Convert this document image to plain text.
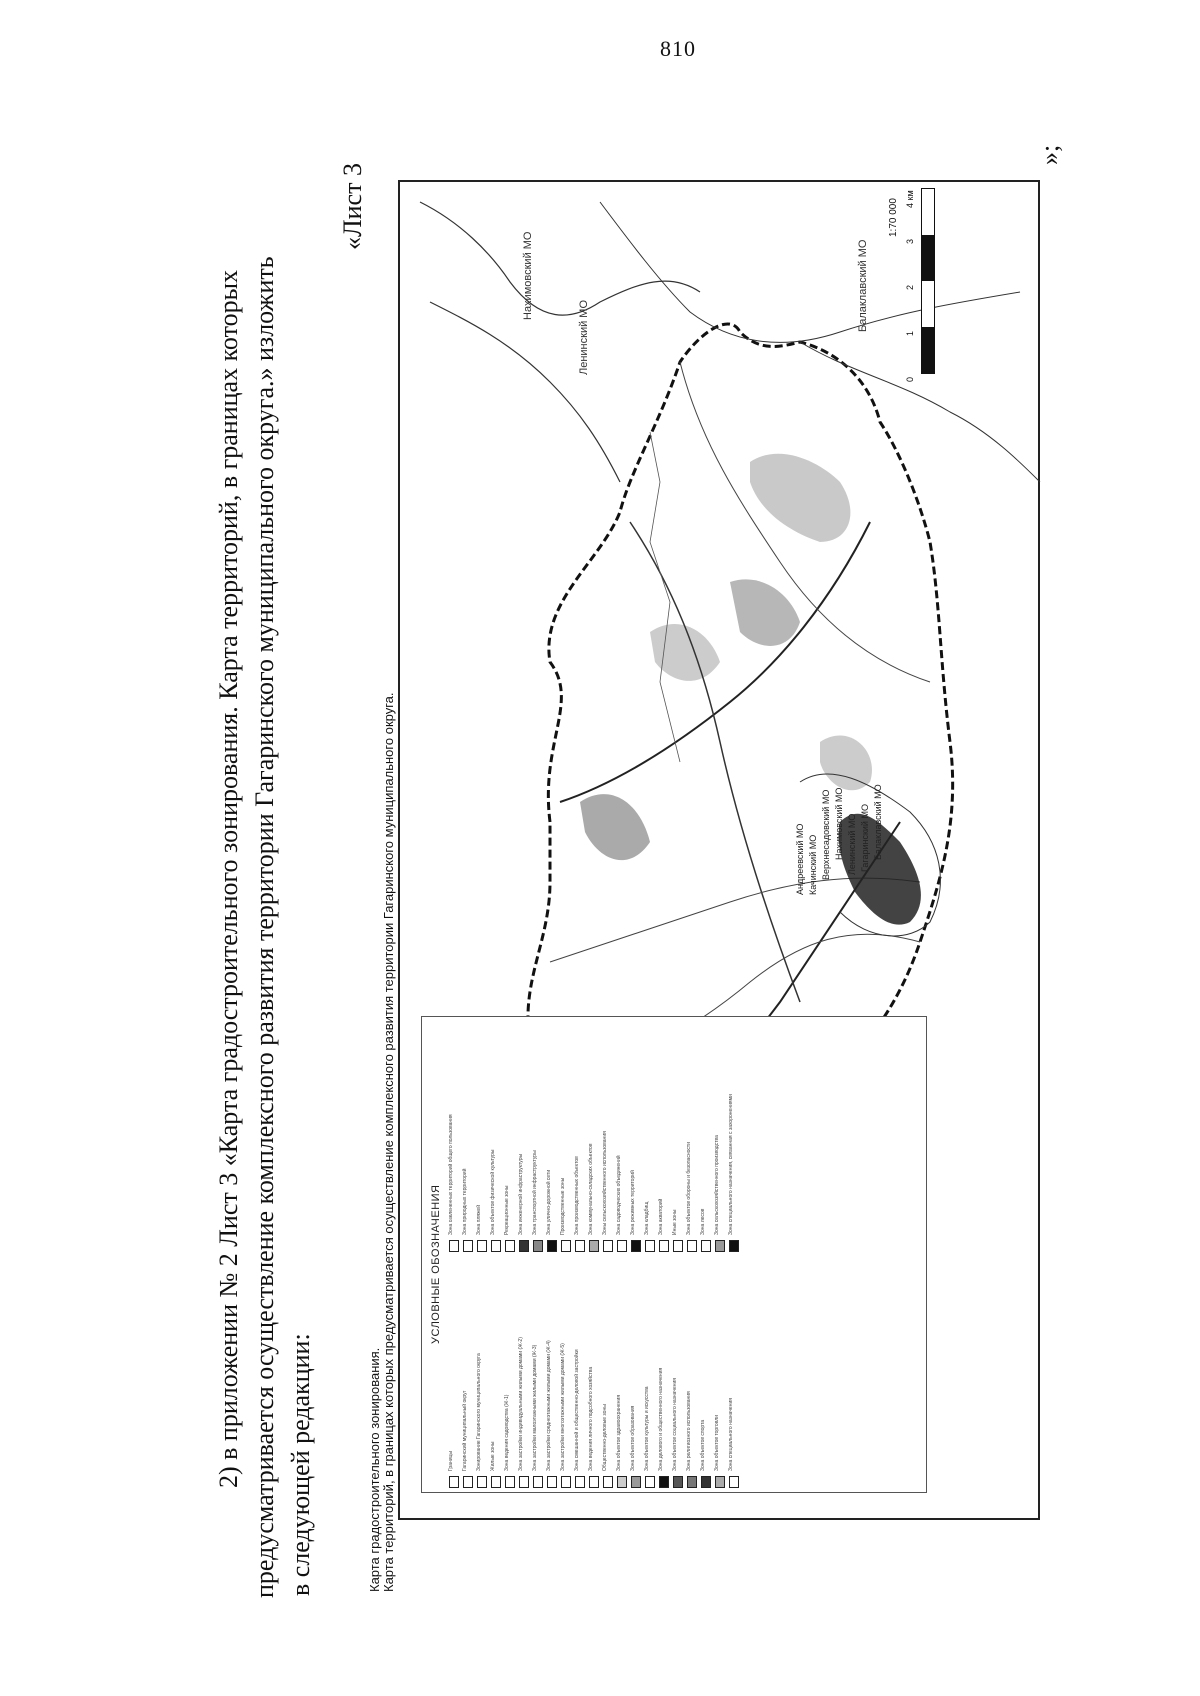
810
2) в приложении № 2 Лист 3 «Карта градостроительного зонирования. Карта территорий, в границах которых предусматривается осуществление комплексного развития территории Гагаринского муниципального округа.» изложить в следующей редакции:
«Лист 3
Карта градостроительного зонирования. Карта территорий, в границах которых предусматривается осуществление комплексного развития территории Гагаринского муниципального округа.
»;
Нахимовский МО
Ленинский МО
Балаклавский МО
Андреевский МО Качинский МО Верхнесадовский МО Нахимовский МО Ленинский МО Гагаринский МО Балаклавский МО
1:70 000
0
1
2
3
4 км
УСЛОВНЫЕ ОБОЗНАЧЕНИЯ
Границы Гагаринский муниципальный округ Зонирование Гагаринского муниципального округа Жилые зоны Зона ведения садоводства (Ж-1) Зона застройки индивидуальными жилыми домами (Ж-2) Зона застройки малоэтажными жилыми домами (Ж-3) Зона застройки среднеэтажными жилыми домами (Ж-4) Зона застройки многоэтажными жилыми домами (Ж-5) Зона смешанной и общественно-деловой застройки Зона ведения личного подсобного хозяйства Общественно-деловые зоны Зона объектов здравоохранения Зона объектов образования Зона объектов культуры и искусства Зона делового и общественного назначения Зона объектов социального назначения Зона религиозного использования Зона объектов спорта Зона объектов торговли Зона специального назначения
Зона озелененных территорий общего пользования Зона природных территорий Зона пляжей Зона объектов физической культуры Рекреационные зоны Зона инженерной инфраструктуры Зона транспортной инфраструктуры Зона улично-дорожной сети Производственные зоны Зона производственных объектов Зона коммунально-складских объектов Зоны сельскохозяйственного использования Зона садоводческих объединений Зона режимных территорий Зона кладбищ Зона акваторий Иные зоны Зона объектов обороны и безопасности Зона лесов Зона сельскохозяйственного производства Зона специального назначения, связанная с захоронениями
